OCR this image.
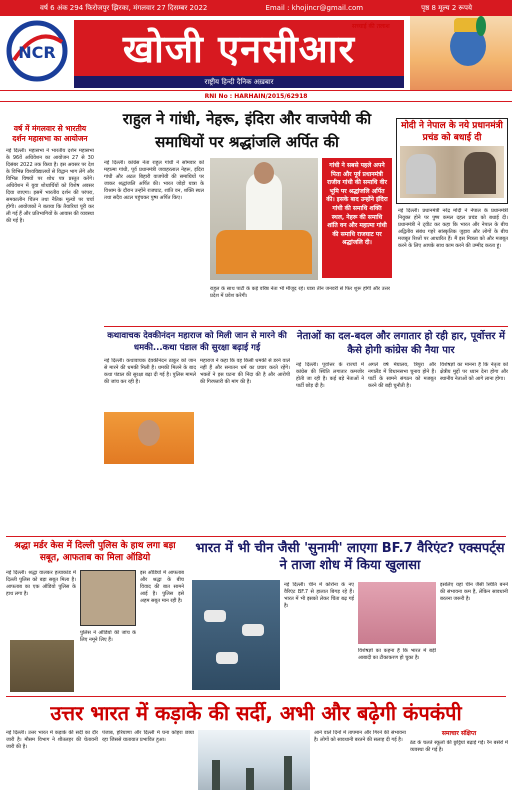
वर्ष 6 अंक 294 फिरोजपुर झिरका, मंगलवार 27 दिसम्बर 2022	Email : khojincr@gmail.com	पृष्ठ 8 मूल्य 2 रूपये
NCR खोजी एनसीआर
सच्चाई की तलाश
राष्ट्रीय हिन्दी दैनिक अख़बार
RNI No : HARHAIN/2015/62918
वर्ष में मंगलवार से भारतीय दर्शन महासभा का आयोजन
नई दिल्ली। महासभा ने भारतीय दर्शन महासभा के 96वें अधिवेशन का आयोजन 27 से 30 दिसंबर 2022 तक किया है। इस अवसर पर देश के विभिन्न विश्वविद्यालयों से विद्वान भाग लेंगे और विभिन्न विषयों पर शोध पत्र प्रस्तुत करेंगे। अधिवेशन में युवा शोधार्थियों को विशेष अवसर दिया जाएगा। इसमें भारतीय दर्शन की परंपरा, समकालीन चिंतन तथा नैतिक मूल्यों पर चर्चा होगी। आयोजकों ने बताया कि तैयारियां पूरी कर ली गई हैं और प्रतिभागियों के आवास की व्यवस्था की गई है।
राहुल ने गांधी, नेहरू, इंदिरा और वाजपेयी की समाधियों पर श्रद्धांजलि अर्पित की
नई दिल्ली। कांग्रेस नेता राहुल गांधी ने सोमवार को महात्मा गांधी, पूर्व प्रधानमंत्री जवाहरलाल नेहरू, इंदिरा गांधी और अटल बिहारी वाजपेयी की समाधियों पर जाकर श्रद्धांजलि अर्पित की। भारत जोड़ो यात्रा के विश्राम के दौरान उन्होंने राजघाट, शांति वन, शक्ति स्थल तथा सदैव अटल पहुंचकर पुष्प अर्पित किए।
गांधी ने सबसे पहले अपने पिता और पूर्व प्रधानमंत्री राजीव गांधी की समाधि वीर भूमि पर श्रद्धांजलि अर्पित की। इसके बाद उन्होंने इंदिरा गांधी की समाधि शक्ति स्थल, नेहरू की समाधि शांति वन और महात्मा गांधी की समाधि राजघाट पर श्रद्धांजलि दी।
राहुल के साथ पार्टी के कई वरिष्ठ नेता भी मौजूद रहे। यात्रा तीन जनवरी से फिर शुरू होगी और उत्तर प्रदेश में प्रवेश करेगी।
मोदी ने नेपाल के नये प्रधानमंत्री प्रचंड को बधाई दी
नई दिल्ली। प्रधानमंत्री नरेंद्र मोदी ने नेपाल के प्रधानमंत्री नियुक्त होने पर पुष्प कमल दहल प्रचंड को बधाई दी। प्रधानमंत्री ने ट्वीट कर कहा कि भारत और नेपाल के बीच अद्वितीय संबंध गहरे सांस्कृतिक जुड़ाव और लोगों के बीच मजबूत रिश्तों पर आधारित हैं। मैं इस मित्रता को और मजबूत करने के लिए आपके साथ काम करने की उम्मीद करता हूं।
कथावाचक देवकीनंदन महाराज को मिली जान से मारने की धमकी...कथा पंडाल की सुरक्षा बढ़ाई गई
नई दिल्ली। कथावाचक देवकीनंदन ठाकुर को जान से मारने की धमकी मिली है। धमकी मिलने के बाद कथा पंडाल की सुरक्षा बढ़ा दी गई है। पुलिस मामले की जांच कर रही है।
महाराज ने कहा कि वह किसी धमकी से डरने वाले नहीं हैं और सनातन धर्म का प्रचार करते रहेंगे। भक्तों ने इस घटना की निंदा की है और आरोपी की गिरफ्तारी की मांग की है।
नेताओं का दल-बदल और लगातार हो रही हार, पूर्वोत्तर में कैसे होगी कांग्रेस की नैया पार
नई दिल्ली। पूर्वोत्तर के राज्यों में कांग्रेस की स्थिति लगातार कमजोर होती जा रही है। कई बड़े नेताओं ने पार्टी छोड़ दी है।
अगले वर्ष मेघालय, त्रिपुरा और नगालैंड में विधानसभा चुनाव होने हैं। पार्टी के सामने संगठन को मजबूत करने की बड़ी चुनौती है।
विशेषज्ञों का मानना है कि नेतृत्व को क्षेत्रीय मुद्दों पर ध्यान देना होगा और स्थानीय नेताओं को आगे लाना होगा।
श्रद्धा मर्डर केस में दिल्ली पुलिस के हाथ लगा बड़ा सबूत, आफताब का मिला ऑडियो
नई दिल्ली। श्रद्धा वालकर हत्याकांड में दिल्ली पुलिस को बड़ा सबूत मिला है। आफताब का एक ऑडियो पुलिस के हाथ लगा है।
पुलिस ने ऑडियो की जांच के लिए नमूने लिए हैं।
इस ऑडियो में आफताब और श्रद्धा के बीच विवाद की बात सामने आई है। पुलिस इसे अहम सबूत मान रही है।
भारत में भी चीन जैसी 'सुनामी' लाएगा BF.7 वैरिएंट? एक्सपर्ट्स ने ताजा शोध में किया खुलासा
नई दिल्ली। चीन में कोरोना के नए वैरिएंट BF.7 से हालात बिगड़ रहे हैं। भारत में भी इसको लेकर चिंता बढ़ गई है।
विशेषज्ञों का कहना है कि भारत में बड़ी आबादी का टीकाकरण हो चुका है।
इसलिए यहां चीन जैसी स्थिति बनने की संभावना कम है, लेकिन सावधानी बरतना जरूरी है।
उत्तर भारत में कड़ाके की सर्दी, अभी और बढ़ेगी कंपकंपी
नई दिल्ली। उत्तर भारत में कड़ाके की सर्दी का दौर जारी है। मौसम विभाग ने शीतलहर की चेतावनी जारी की है।
पंजाब, हरियाणा और दिल्ली में घना कोहरा छाया रहा जिससे यातायात प्रभावित हुआ।
आने वाले दिनों में तापमान और गिरने की संभावना है। लोगों को सावधानी बरतने की सलाह दी गई है।
समाचार संक्षिप्त
ठंड के चलते स्कूलों की छुट्टियां बढ़ाई गईं। रैन बसेरों में व्यवस्था की गई है।
